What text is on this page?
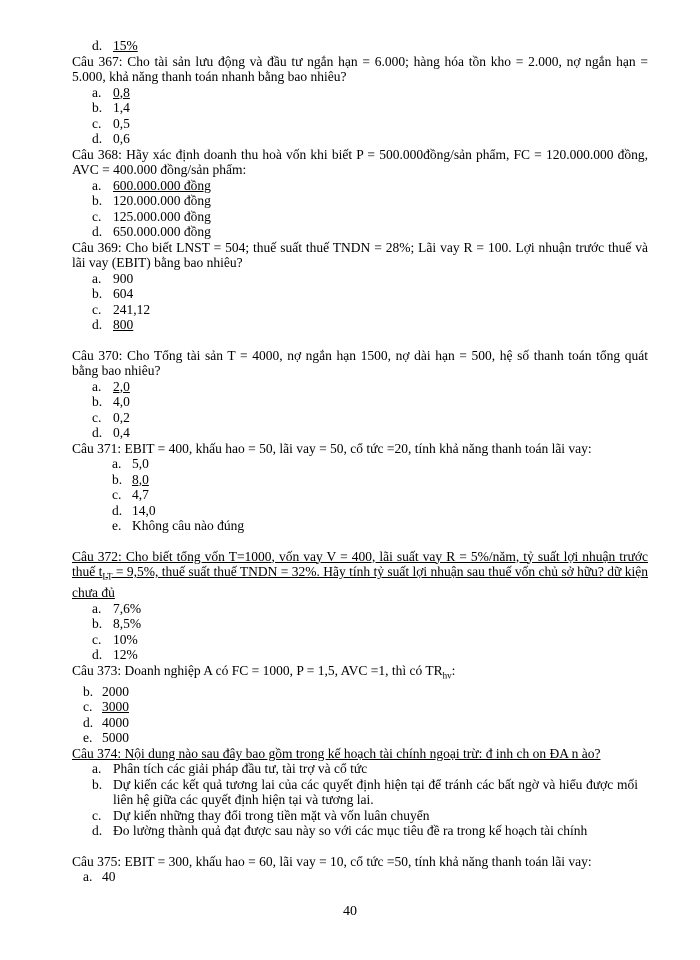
d. 15%
Câu 367: Cho tài sản lưu động và đầu tư ngắn hạn = 6.000; hàng hóa tồn kho = 2.000, nợ ngắn hạn = 5.000, khả năng thanh toán nhanh bằng bao nhiêu?
a. 0,8
b. 1,4
c. 0,5
d. 0,6
Câu 368: Hãy xác định doanh thu hoà vốn khi biết P = 500.000đồng/sản phẩm, FC = 120.000.000 đồng, AVC = 400.000 đồng/sản phẩm:
a. 600.000.000 đồng
b. 120.000.000 đồng
c. 125.000.000 đồng
d. 650.000.000 đồng
Câu 369: Cho biết LNST = 504; thuế suất thuế TNDN = 28%; Lãi vay R = 100. Lợi nhuận trước thuế và lãi vay (EBIT) bằng bao nhiêu?
a. 900
b. 604
c. 241,12
d. 800
Câu 370: Cho Tổng tài sản T = 4000, nợ ngắn hạn 1500, nợ dài hạn = 500, hệ số thanh toán tổng quát bằng bao nhiêu?
a. 2,0
b. 4,0
c. 0,2
d. 0,4
Câu 371: EBIT = 400, khấu hao = 50, lãi vay = 50, cổ tức =20, tính khả năng thanh toán lãi vay:
a. 5,0
b. 8,0
c. 4,7
d. 14,0
e. Không câu nào đúng
Câu 372: Cho biết tổng vốn T=1000, vốn vay V = 400, lãi suất vay R = 5%/năm, tỷ suất lợi nhuận trước thuế $t_{LT} = 9,5\%$, thuế suất thuế TNDN = 32%. Hãy tính tỷ suất lợi nhuận sau thuế vốn chủ sở hữu? dữ kiện chưa đủ
a. 7,6%
b. 8,5%
c. 10%
d. 12%
Câu 373: Doanh nghiệp A có FC = 1000, P = 1,5, AVC =1, thì có $TR_{hv}$:
b. 2000
c. 3000
d. 4000
e. 5000
Câu 374: Nội dung nào sau đây bao gồm trong kế hoạch tài chính ngoại trừ: đ inh ch on ĐA n ào?
a. Phân tích các giải pháp đầu tư, tài trợ và cổ tức
b. Dự kiến các kết quả tương lai của các quyết định hiện tại để tránh các bất ngờ và hiểu được mối liên hệ giữa các quyết định hiện tại và tương lai.
c. Dự kiến những thay đổi trong tiền mặt và vốn luân chuyển
d. Đo lường thành quả đạt được sau này so với các mục tiêu đề ra trong kế hoạch tài chính
Câu 375: EBIT = 300, khấu hao = 60, lãi vay = 10, cổ tức =50, tính khả năng thanh toán lãi vay:
a. 40
40
